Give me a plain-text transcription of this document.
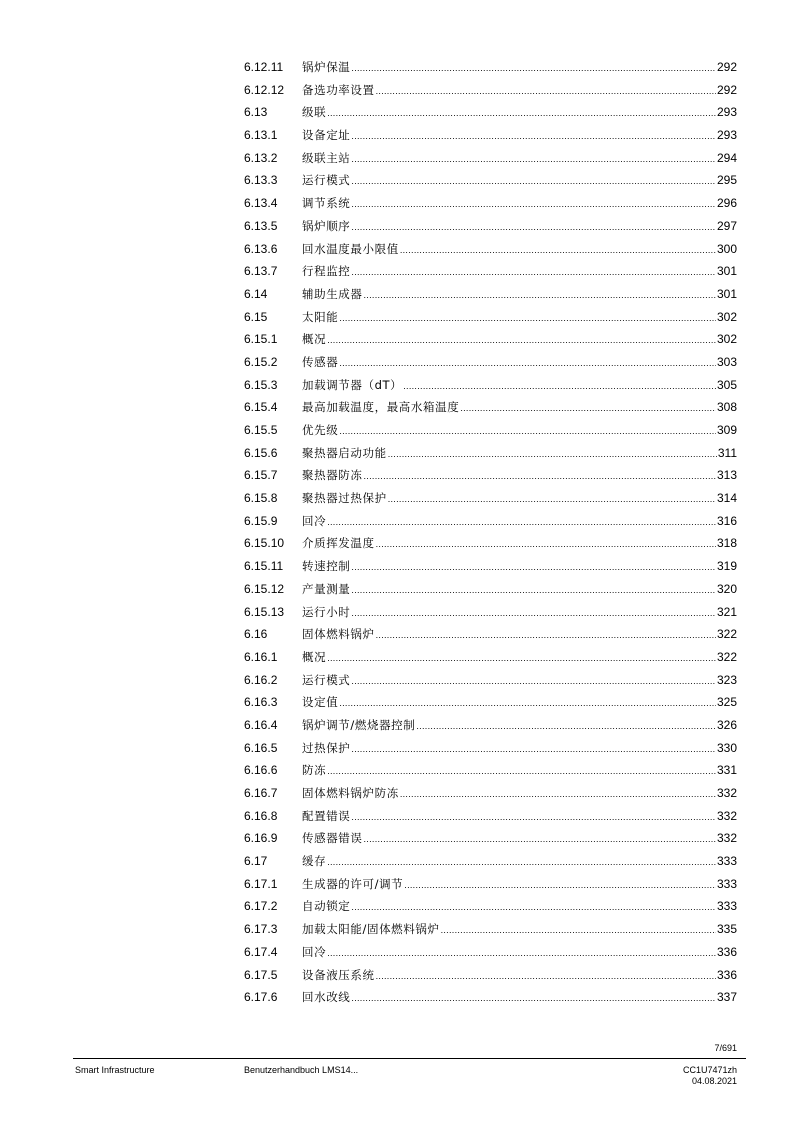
6.12.11	锅炉保温 .....	292
6.12.12	备选功率设置 .....	292
6.13	级联 .....	293
6.13.1	设备定址 .....	293
6.13.2	级联主站 .....	294
6.13.3	运行模式 .....	295
6.13.4	调节系统 .....	296
6.13.5	锅炉顺序 .....	297
6.13.6	回水温度最小限值 .....	300
6.13.7	行程监控 .....	301
6.14	辅助生成器 .....	301
6.15	太阳能 .....	302
6.15.1	概况 .....	302
6.15.2	传感器 .....	303
6.15.3	加载调节器（dT） .....	305
6.15.4	最高加载温度，最高水箱温度 .....	308
6.15.5	优先级 .....	309
6.15.6	聚热器启动功能 .....	311
6.15.7	聚热器防冻 .....	313
6.15.8	聚热器过热保护 .....	314
6.15.9	回冷 .....	316
6.15.10	介质挥发温度 .....	318
6.15.11	转速控制 .....	319
6.15.12	产量测量 .....	320
6.15.13	运行小时 .....	321
6.16	固体燃料锅炉 .....	322
6.16.1	概况 .....	322
6.16.2	运行模式 .....	323
6.16.3	设定值 .....	325
6.16.4	锅炉调节/燃烧器控制 .....	326
6.16.5	过热保护 .....	330
6.16.6	防冻 .....	331
6.16.7	固体燃料锅炉防冻 .....	332
6.16.8	配置错误 .....	332
6.16.9	传感器错误 .....	332
6.17	缓存 .....	333
6.17.1	生成器的许可/调节 .....	333
6.17.2	自动锁定 .....	333
6.17.3	加载太阳能/固体燃料锅炉 .....	335
6.17.4	回冷 .....	336
6.17.5	设备液压系统 .....	336
6.17.6	回水改线 .....	337
7/691
Smart Infrastructure	Benutzerhandbuch LMS14...	CC1U7471zh
04.08.2021
